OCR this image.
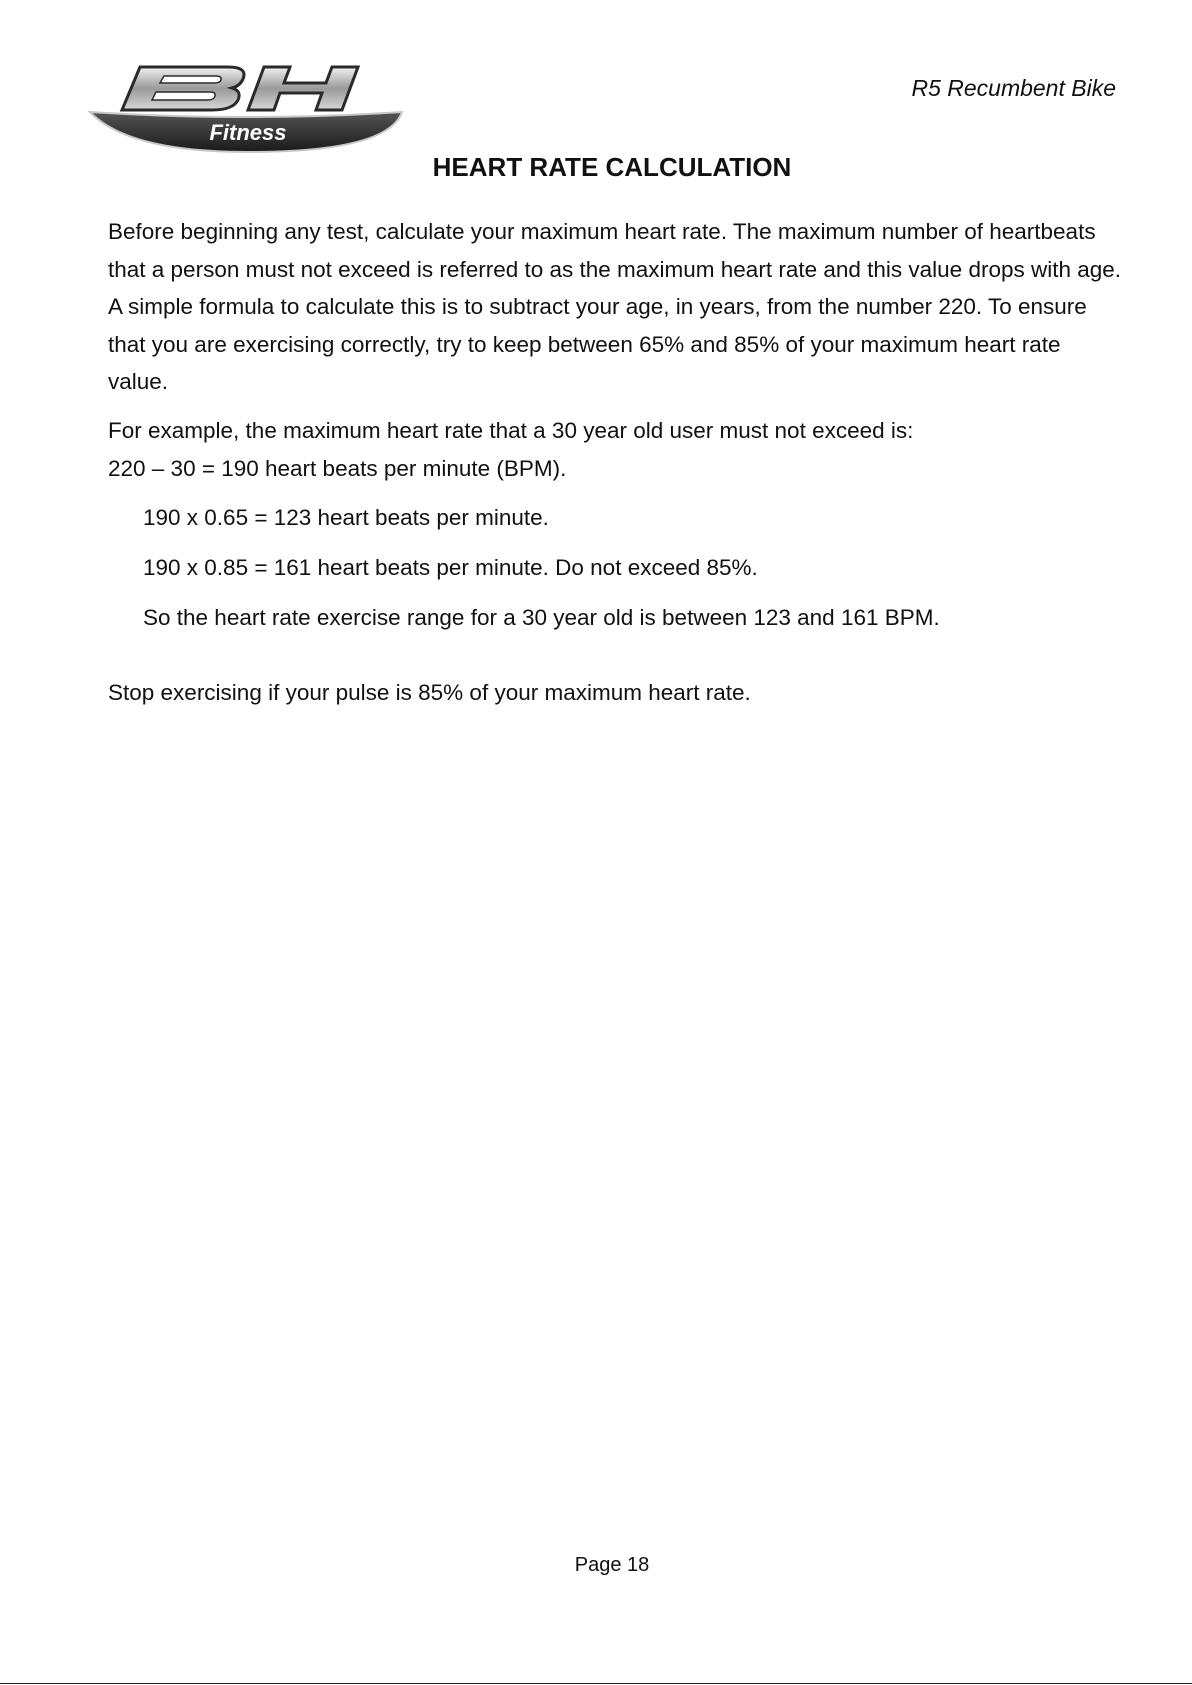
Fitness
R5 Recumbent Bike
HEART RATE CALCULATION

Before beginning any test, calculate your maximum heart rate. The maximum number of heartbeats that a person must not exceed is referred to as the maximum heart rate and this value drops with age. A simple formula to calculate this is to subtract your age, in years, from the number 220. To ensure that you are exercising correctly, try to keep between 65% and 85% of your maximum heart rate value.

For example, the maximum heart rate that a 30 year old user must not exceed is:

220 – 30 = 190 heart beats per minute (BPM).

190 x 0.65 = 123 heart beats per minute.

190 x 0.85 = 161 heart beats per minute. Do not exceed 85%.

So the heart rate exercise range for a 30 year old is between 123 and 161 BPM.

Stop exercising if your pulse is 85% of your maximum heart rate.

Page 18
